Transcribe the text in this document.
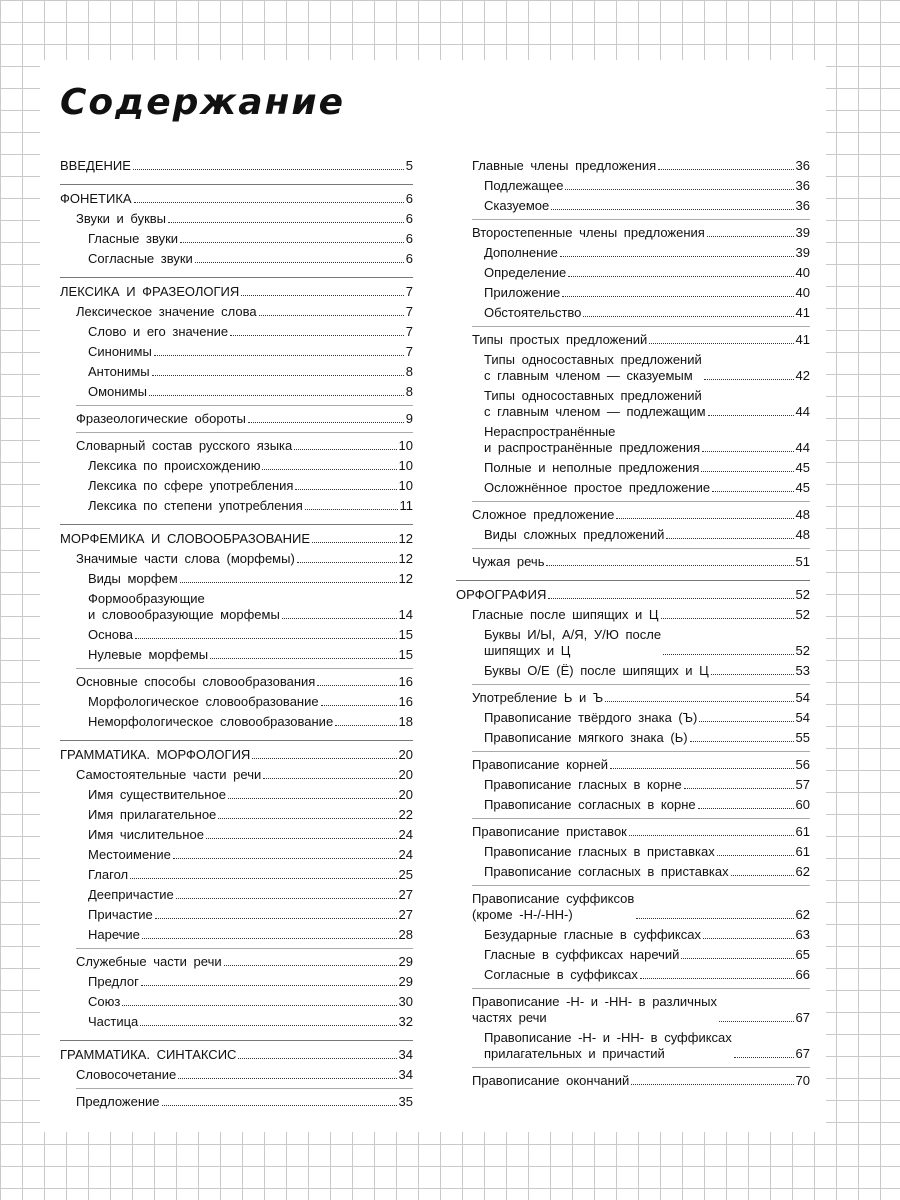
Содержание
ВВЕДЕНИЕ	5
ФОНЕТИКА	6
Звуки и буквы	6
Гласные звуки	6
Согласные звуки	6
ЛЕКСИКА И ФРАЗЕОЛОГИЯ	7
Лексическое значение слова	7
Слово и его значение	7
Синонимы	7
Антонимы	8
Омонимы	8
Фразеологические обороты	9
Словарный состав русского языка	10
Лексика по происхождению	10
Лексика по сфере употребления	10
Лексика по степени употребления	11
МОРФЕМИКА И СЛОВООБРАЗОВАНИЕ	12
Значимые части слова (морфемы)	12
Виды морфем	12
Формообразующие
и словообразующие морфемы	14
Основа	15
Нулевые морфемы	15
Основные способы словообразования	16
Морфологическое словообразование	16
Неморфологическое словообразование	18
ГРАММАТИКА. МОРФОЛОГИЯ	20
Самостоятельные части речи	20
Имя существительное	20
Имя прилагательное	22
Имя числительное	24
Местоимение	24
Глагол	25
Деепричастие	27
Причастие	27
Наречие	28
Служебные части речи	29
Предлог	29
Союз	30
Частица	32
ГРАММАТИКА. СИНТАКСИС	34
Словосочетание	34
Предложение	35
Главные члены предложения	36
Подлежащее	36
Сказуемое	36
Второстепенные члены предложения	39
Дополнение	39
Определение	40
Приложение	40
Обстоятельство	41
Типы простых предложений	41
Типы односоставных предложений
с главным членом — сказуемым	42
Типы односоставных предложений
с главным членом — подлежащим	44
Нераспространённые
и распространённые предложения	44
Полные и неполные предложения	45
Осложнённое простое предложение	45
Сложное предложение	48
Виды сложных предложений	48
Чужая речь	51
ОРФОГРАФИЯ	52
Гласные после шипящих и Ц	52
Буквы И/Ы, А/Я, У/Ю после
шипящих и Ц	52
Буквы О/Е (Ё) после шипящих и Ц	53
Употребление Ь и Ъ	54
Правописание твёрдого знака (Ъ)	54
Правописание мягкого знака (Ь)	55
Правописание корней	56
Правописание гласных в корне	57
Правописание согласных в корне	60
Правописание приставок	61
Правописание гласных в приставках	61
Правописание согласных в приставках	62
Правописание суффиксов
(кроме -Н-/-НН-)	62
Безударные гласные в суффиксах	63
Гласные в суффиксах наречий	65
Согласные в суффиксах	66
Правописание -Н- и -НН- в различных
частях речи	67
Правописание -Н- и -НН- в суффиксах
прилагательных и причастий	67
Правописание окончаний	70
